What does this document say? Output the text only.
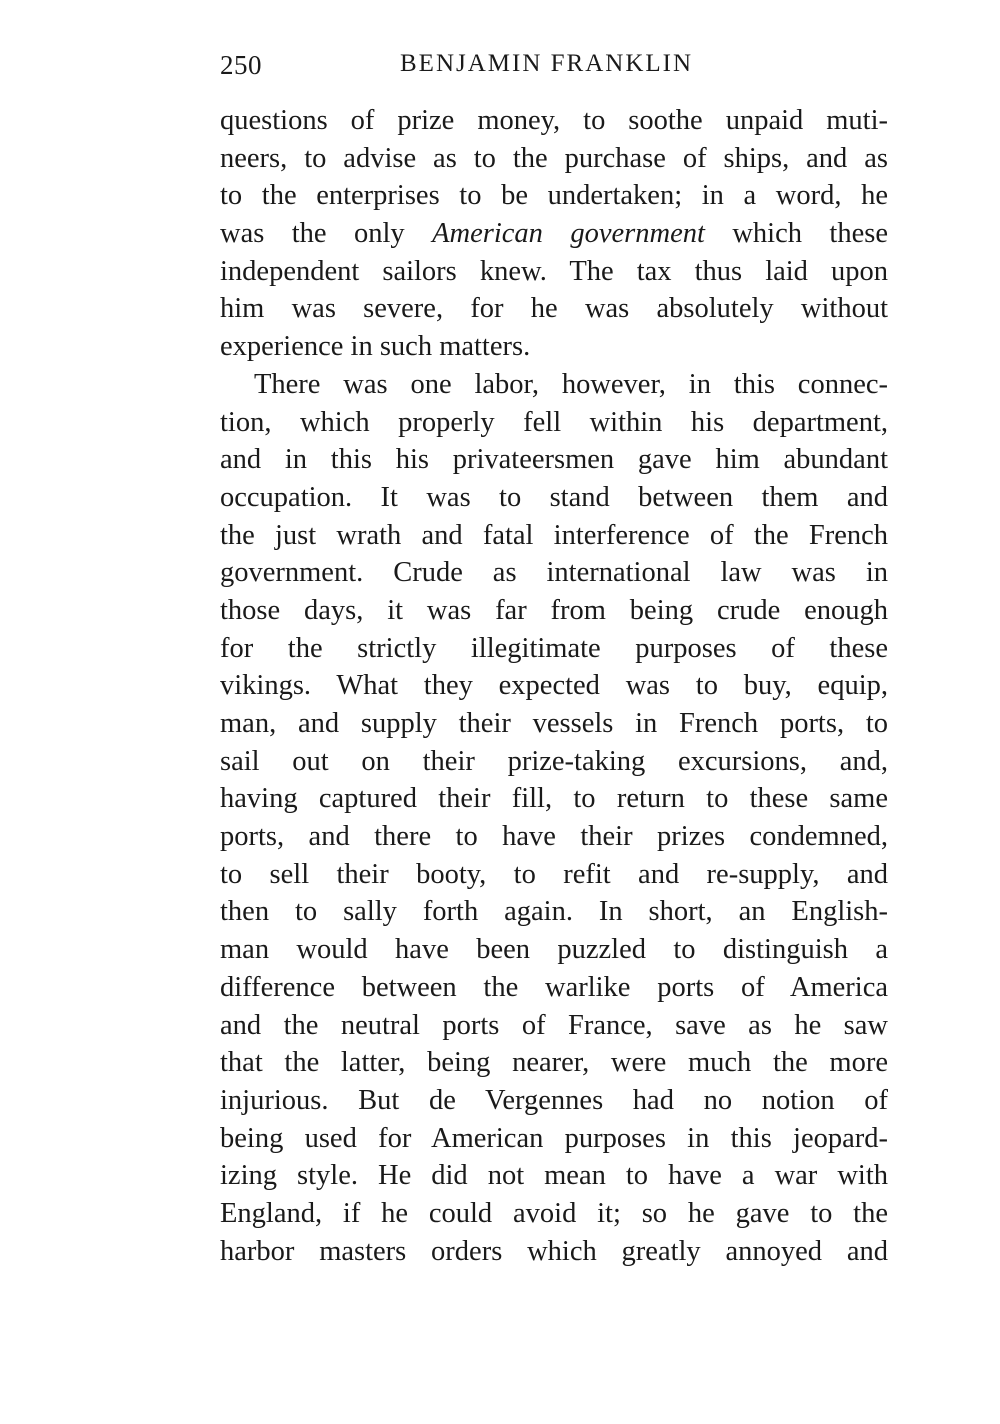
250	BENJAMIN FRANKLIN
questions of prize money, to soothe unpaid muti-
neers, to advise as to the purchase of ships, and as
to the enterprises to be undertaken; in a word, he
was the only American government which these
independent sailors knew. The tax thus laid upon
him was severe, for he was absolutely without
experience in such matters.
There was one labor, however, in this connec-
tion, which properly fell within his department,
and in this his privateersmen gave him abundant
occupation. It was to stand between them and
the just wrath and fatal interference of the French
government. Crude as international law was in
those days, it was far from being crude enough
for the strictly illegitimate purposes of these
vikings. What they expected was to buy, equip,
man, and supply their vessels in French ports, to
sail out on their prize-taking excursions, and,
having captured their fill, to return to these same
ports, and there to have their prizes condemned,
to sell their booty, to refit and re-supply, and
then to sally forth again. In short, an English-
man would have been puzzled to distinguish a
difference between the warlike ports of America
and the neutral ports of France, save as he saw
that the latter, being nearer, were much the more
injurious. But de Vergennes had no notion of
being used for American purposes in this jeopard-
izing style. He did not mean to have a war with
England, if he could avoid it; so he gave to the
harbor masters orders which greatly annoyed and
